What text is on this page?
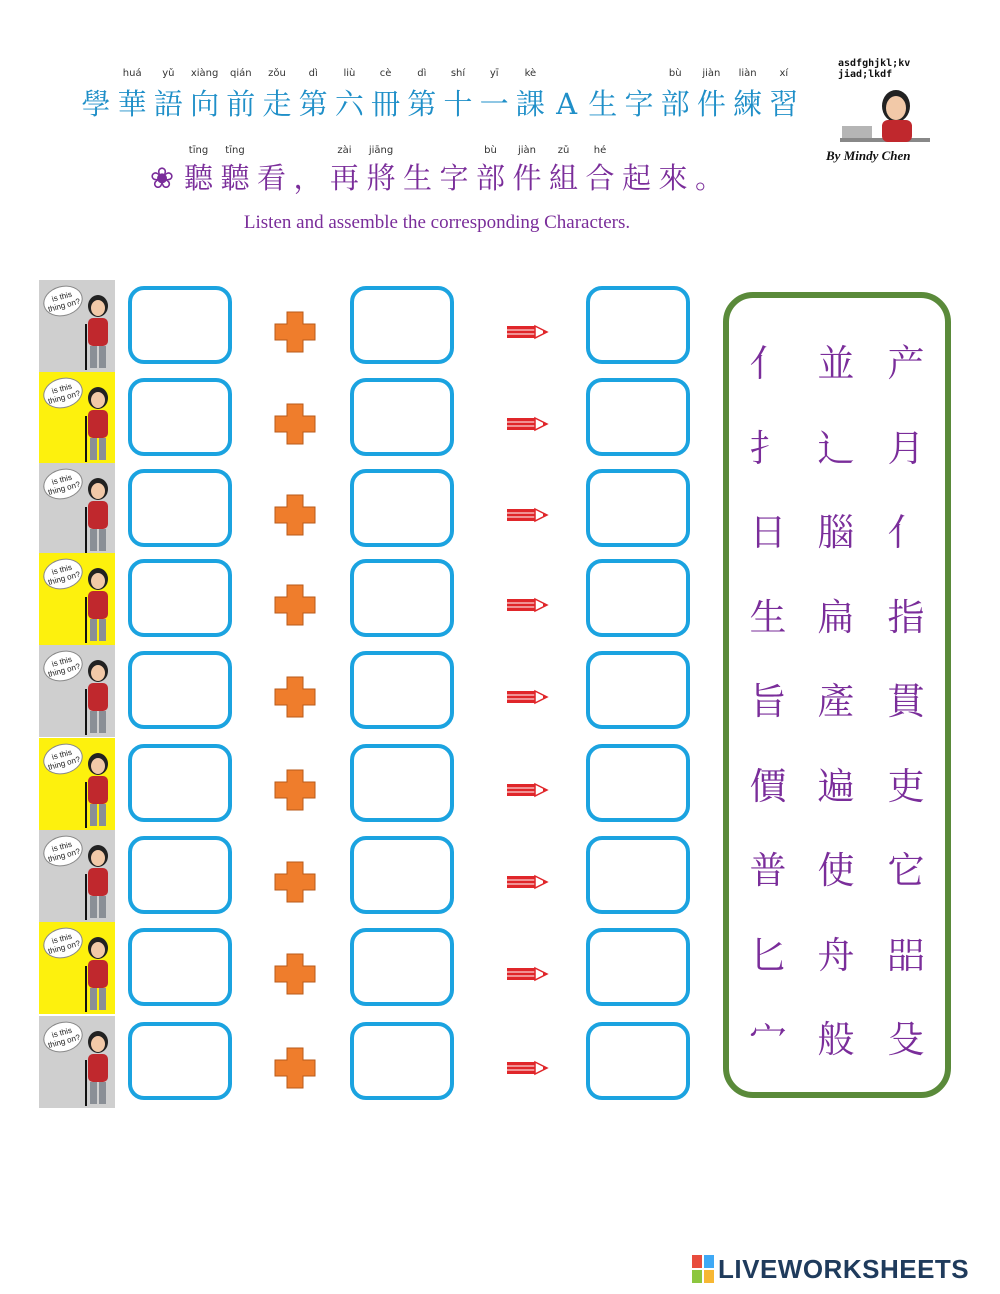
學 華 語 向 前 走 第 六 冊 第 十 一 課 A 生 字 部 件 練 習
huá	yǔ	xiàng	qián	zǒu	dì	liù	cè	dì	shí	yī	kè	bù	jiàn	liàn	xí
❀ 聽 聽 看 ， 再 將 生 字 部 件 組 合 起 來 。
tīng	tīng	zài	jiāng	bù	jiàn	zǔ	hé
Listen and assemble the corresponding Characters.
asdfghjkl;kvjiad;lkdf
By Mindy Chen
is this thing on?
is this thing on?
is this thing on?
is this thing on?
is this thing on?
is this thing on?
is this thing on?
is this thing on?
is this thing on?
亻 並 产
扌 辶 月
日 腦 亻
生 扁 指
旨 產 貫
價 遍 吏
普 使 它
匕 舟 㗊
宀 般 殳
LIVEWORKSHEETS
